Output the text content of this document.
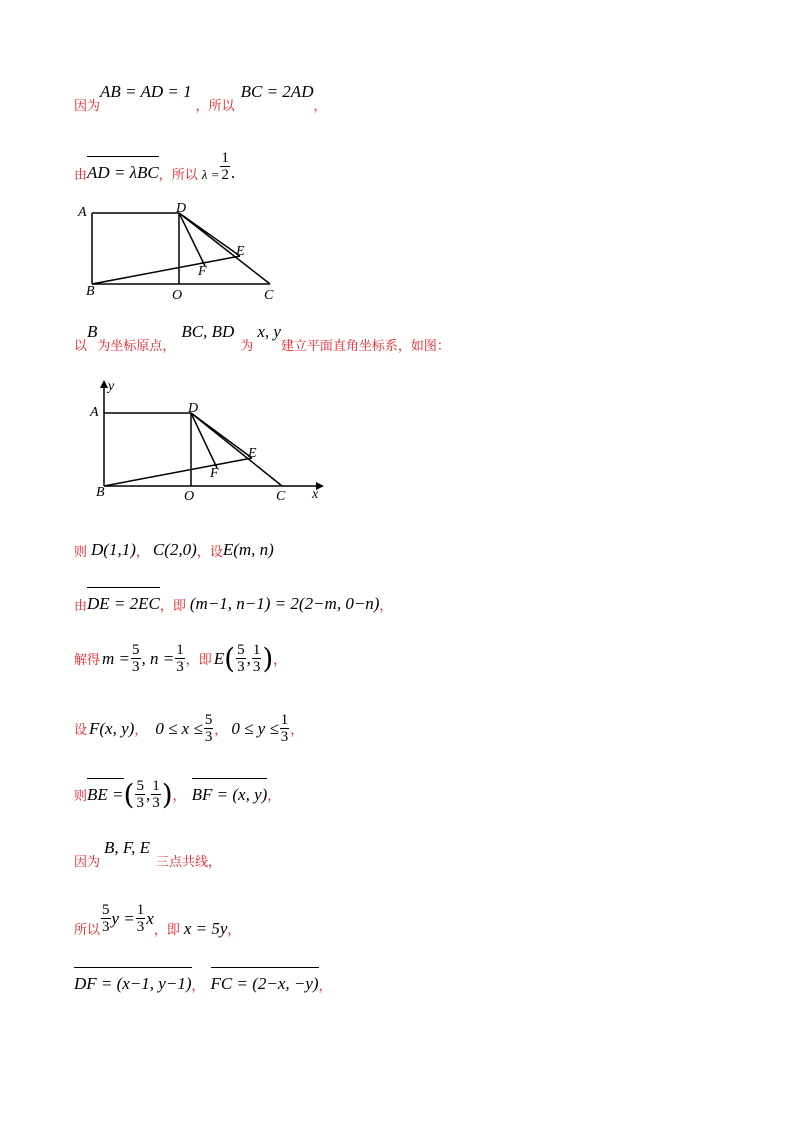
因为
AB = AD = 1
，所以
BC = 2AD
，
由 AD = λBC ，所以 $\lambda = \frac{1}{2}$ .
A	D
E
F
B	O	C
以
B
为坐标原点，
BC, BD
为
x, y
建立平面直角坐标系，如图：
y
A	D
E
F
B	O	C x
则 D(1,1) ， C(2,0) ，设 E(m, n)
由 DE = 2EC ，即 (m−1, n−1) = 2(2−m, 0−n) ，
解得 $m = \frac{5}{3}$ , $n = \frac{1}{3}$ ，即 E ( $\frac{5}{3}$ , $\frac{1}{3}$ ) ，
设 F(x, y) ， $0 \le x \le \frac{5}{3}$ ， $0 \le y \le \frac{1}{3}$ ，
则 BE = ( $\frac{5}{3}$ , $\frac{1}{3}$ ) ， BF = (x, y) ，
因为
B, F, E
三点共线，
所以 $\frac{5}{3}$ $y = \frac{1}{3}$ x
，即 x = 5y ，
DF = (x−1, y−1) ， FC = (2−x, −y) ，
